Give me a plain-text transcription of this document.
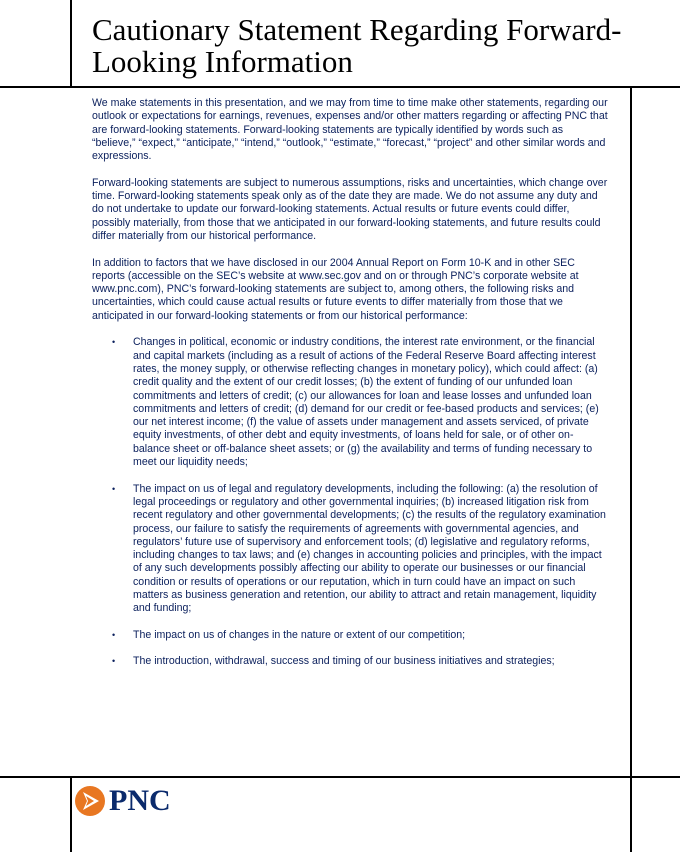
Cautionary Statement Regarding Forward-Looking Information

We make statements in this presentation, and we may from time to time make other statements, regarding our outlook or expectations for earnings, revenues, expenses and/or other matters regarding or affecting PNC that are forward-looking statements. Forward-looking statements are typically identified by words such as “believe,” “expect,” “anticipate,” “intend,” “outlook,” “estimate,” “forecast,” “project” and other similar words and expressions.

Forward-looking statements are subject to numerous assumptions, risks and uncertainties, which change over time. Forward-looking statements speak only as of the date they are made. We do not assume any duty and do not undertake to update our forward-looking statements. Actual results or future events could differ, possibly materially, from those that we anticipated in our forward-looking statements, and future results could differ materially from our historical performance.

In addition to factors that we have disclosed in our 2004 Annual Report on Form 10-K and in other SEC reports (accessible on the SEC’s website at www.sec.gov and on or through PNC’s corporate website at www.pnc.com), PNC’s forward-looking statements are subject to, among others, the following risks and uncertainties, which could cause actual results or future events to differ materially from those that we anticipated in our forward-looking statements or from our historical performance:

• Changes in political, economic or industry conditions, the interest rate environment, or the financial and capital markets (including as a result of actions of the Federal Reserve Board affecting interest rates, the money supply, or otherwise reflecting changes in monetary policy), which could affect: (a) credit quality and the extent of our credit losses; (b) the extent of funding of our unfunded loan commitments and letters of credit; (c) our allowances for loan and lease losses and unfunded loan commitments and letters of credit; (d) demand for our credit or fee-based products and services; (e) our net interest income; (f) the value of assets under management and assets serviced, of private equity investments, of other debt and equity investments, of loans held for sale, or of other on-balance sheet or off-balance sheet assets; or (g) the availability and terms of funding necessary to meet our liquidity needs;
• The impact on us of legal and regulatory developments, including the following: (a) the resolution of legal proceedings or regulatory and other governmental inquiries; (b) increased litigation risk from recent regulatory and other governmental developments; (c) the results of the regulatory examination process, our failure to satisfy the requirements of agreements with governmental agencies, and regulators’ future use of supervisory and enforcement tools; (d) legislative and regulatory reforms, including changes to tax laws; and (e) changes in accounting policies and principles, with the impact of any such developments possibly affecting our ability to operate our businesses or our financial condition or results of operations or our reputation, which in turn could have an impact on such matters as business generation and retention, our ability to attract and retain management, liquidity and funding;
• The impact on us of changes in the nature or extent of our competition;
• The introduction, withdrawal, success and timing of our business initiatives and strategies;
PNC
